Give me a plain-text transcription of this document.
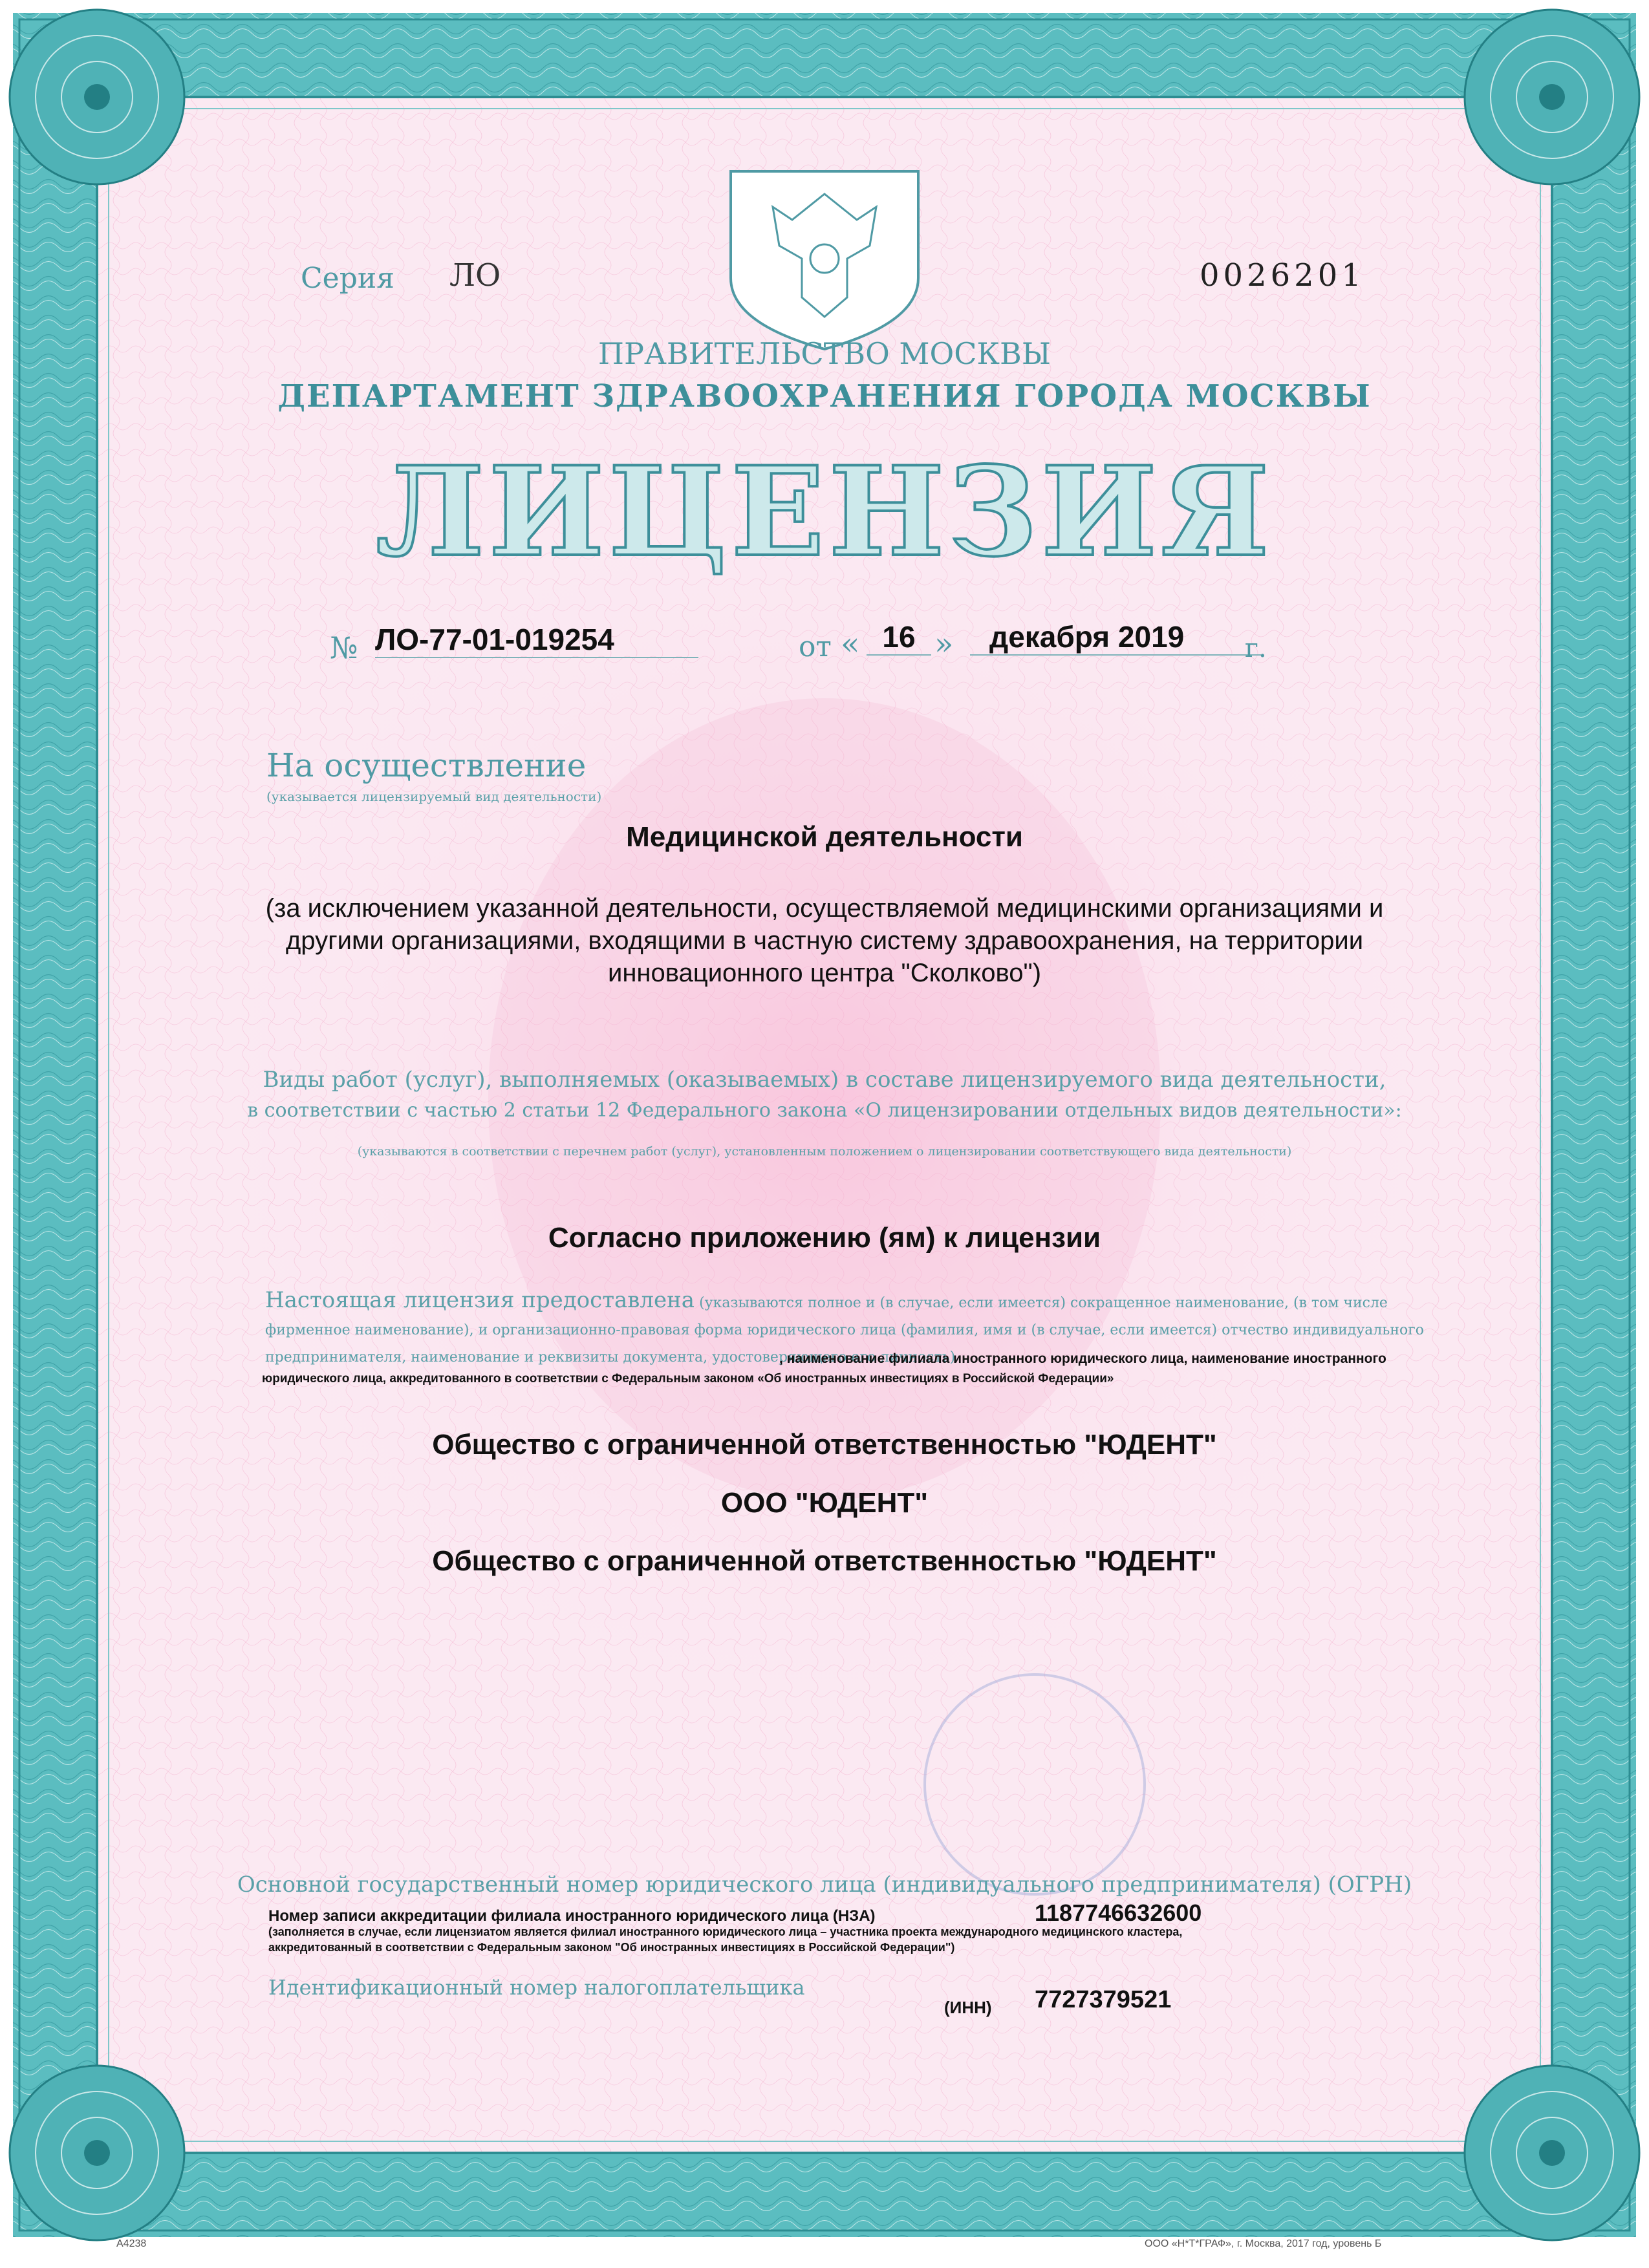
Серия ЛО	0026201
ПРАВИТЕЛЬСТВО МОСКВЫ
ДЕПАРТАМЕНТ ЗДРАВООХРАНЕНИЯ ГОРОДА МОСКВЫ
ЛИЦЕНЗИЯ
№ ЛО-77-01-019254	от « 16 »	декабря 2019	г.
На осуществление
(указывается лицензируемый вид деятельности)
Медицинской деятельности
(за исключением указанной деятельности, осуществляемой медицинскими организациями и другими организациями, входящими в частную систему здравоохранения, на территории инновационного центра "Сколково")
Виды работ (услуг), выполняемых (оказываемых) в составе лицензируемого вида деятельности,
в соответствии с частью 2 статьи 12 Федерального закона «О лицензировании отдельных видов деятельности»:
(указываются в соответствии с перечнем работ (услуг), установленным положением о лицензировании соответствующего вида деятельности)
Согласно приложению (ям) к лицензии
Настоящая лицензия предоставлена (указываются полное и (в случае, если имеется) сокращенное наименование, (в том числе фирменное наименование), и организационно-правовая форма юридического лица (фамилия, имя и (в случае, если имеется) отчество индивидуального предпринимателя, наименование и реквизиты документа, удостоверяющего его личность)
, наименование филиала иностранного юридического лица, наименование иностранного
юридического лица, аккредитованного в соответствии с Федеральным законом «Об иностранных инвестициях в Российской Федерации»
Общество с ограниченной ответственностью "ЮДЕНТ"
ООО "ЮДЕНТ"
Общество с ограниченной ответственностью "ЮДЕНТ"
Основной государственный номер юридического лица (индивидуального предпринимателя) (ОГРН)
Номер записи аккредитации филиала иностранного юридического лица (НЗА)
(заполняется в случае, если лицензиатом является филиал иностранного юридического лица – участника проекта международного медицинского кластера,
аккредитованный в соответствии с Федеральным законом "Об иностранных инвестициях в Российской Федерации")
1187746632600
Идентификационный номер налогоплательщика
(ИНН) 7727379521
А4238	ООО «Н*Т*ГРАФ», г. Москва, 2017 год, уровень Б
